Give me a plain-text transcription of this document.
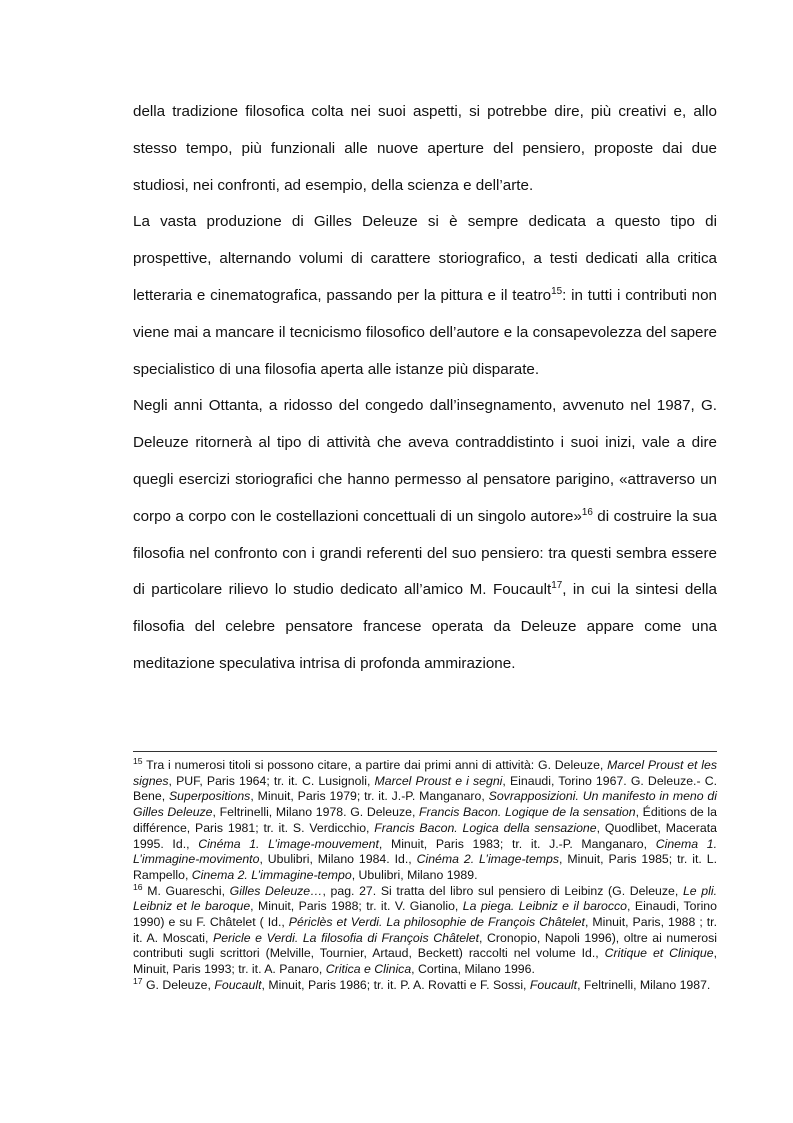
della tradizione filosofica colta nei suoi aspetti, si potrebbe dire, più creativi e, allo stesso tempo, più funzionali alle nuove aperture del pensiero, proposte dai due studiosi, nei confronti, ad esempio, della scienza e dell’arte.

La vasta produzione di Gilles Deleuze si è sempre dedicata a questo tipo di prospettive, alternando volumi di carattere storiografico, a testi dedicati alla critica letteraria e cinematografica, passando per la pittura e il teatro$^{15}$: in tutti i contributi non viene mai a mancare il tecnicismo filosofico dell’autore e la consapevolezza del sapere specialistico di una filosofia aperta alle istanze più disparate.

Negli anni Ottanta, a ridosso del congedo dall’insegnamento, avvenuto nel 1987, G. Deleuze ritornerà al tipo di attività che aveva contraddistinto i suoi inizi, vale a dire quegli esercizi storiografici che hanno permesso al pensatore parigino, «attraverso un corpo a corpo con le costellazioni concettuali di un singolo autore»$^{16}$ di costruire la sua filosofia nel confronto con i grandi referenti del suo pensiero: tra questi sembra essere di particolare rilievo lo studio dedicato all’amico M. Foucault$^{17}$, in cui la sintesi della filosofia del celebre pensatore francese operata da Deleuze appare come una meditazione speculativa intrisa di profonda ammirazione.

$^{15}$ Tra i numerosi titoli si possono citare, a partire dai primi anni di attività: G. Deleuze, Marcel Proust et les signes, PUF, Paris 1964; tr. it. C. Lusignoli, Marcel Proust e i segni, Einaudi, Torino 1967. G. Deleuze.- C. Bene, Superpositions, Minuit, Paris 1979; tr. it. J.-P. Manganaro, Sovrapposizioni. Un manifesto in meno di Gilles Deleuze, Feltrinelli, Milano 1978. G. Deleuze, Francis Bacon. Logique de la sensation, Éditions de la différence, Paris 1981; tr. it. S. Verdicchio, Francis Bacon. Logica della sensazione, Quodlibet, Macerata 1995. Id., Cinéma 1. L’image-mouvement, Minuit, Paris 1983; tr. it. J.-P. Manganaro, Cinema 1. L’immagine-movimento, Ubulibri, Milano 1984. Id., Cinéma 2. L’image-temps, Minuit, Paris 1985; tr. it. L. Rampello, Cinema 2. L’immagine-tempo, Ubulibri, Milano 1989.

$^{16}$ M. Guareschi, Gilles Deleuze…, pag. 27. Si tratta del libro sul pensiero di Leibinz (G. Deleuze, Le pli. Leibniz et le baroque, Minuit, Paris 1988; tr. it. V. Gianolio, La piega. Leibniz e il barocco, Einaudi, Torino 1990) e su F. Châtelet ( Id., Périclès et Verdi. La philosophie de François Châtelet, Minuit, Paris, 1988 ; tr. it. A. Moscati, Pericle e Verdi. La filosofia di François Châtelet, Cronopio, Napoli 1996), oltre ai numerosi contributi sugli scrittori (Melville, Tournier, Artaud, Beckett) raccolti nel volume Id., Critique et Clinique, Minuit, Paris 1993; tr. it. A. Panaro, Critica e Clinica, Cortina, Milano 1996.

$^{17}$ G. Deleuze, Foucault, Minuit, Paris 1986; tr. it. P. A. Rovatti e F. Sossi, Foucault, Feltrinelli, Milano 1987.
